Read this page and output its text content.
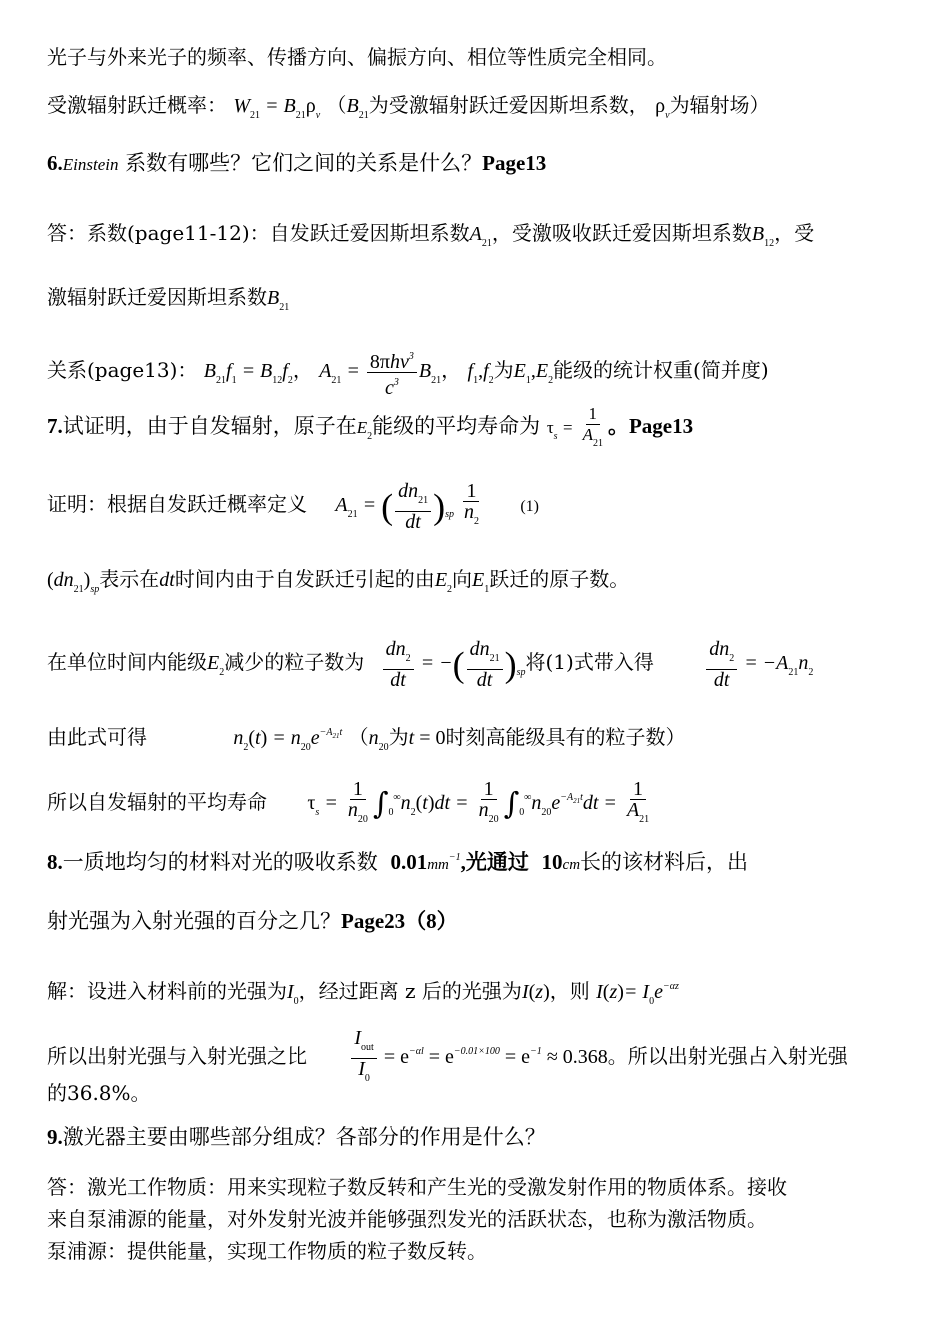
光子与外来光子的频率、传播方向、偏振方向、相位等性质完全相同。
受激辐射跃迁概率： $W_{21} = B_{21}\rho_v$ （$B_{21}$为受激辐射跃迁爱因斯坦系数， $\rho_v$为辐射场）
6.Einstein 系数有哪些？它们之间的关系是什么？Page13
答：系数(page11-12)：自发跃迁爱因斯坦系数$A_{21}$，受激吸收跃迁爱因斯坦系数$B_{12}$，受
激辐射跃迁爱因斯坦系数$B_{21}$
关系(page13)： $B_{21}f_1 = B_{12}f_2$， $A_{21} = \frac{8\pi hv^3}{c^3} B_{21}$， $f_1,f_2$为$E_1,E_2$能级的统计权重(简并度)
7.试证明，由于自发辐射，原子在$E_2$能级的平均寿命为 $\tau_s = \frac{1}{A_{21}}$ 。Page13
证明：根据自发跃迁概率定义 $A_{21}$ = ( $\frac{dn_{21}}{dt} )_{sp} \frac{1}{n_2} (1)$
$(dn_{21})_{sp}$表示在dt时间内由于自发跃迁引起的由$E_2$向$E_1$跃迁的原子数。
在单位时间内能级$E_2$减少的粒子数为 $\frac{dn_2}{dt}$ = −( $\frac{dn_{21}}{dt} )_{sp}$将(1)式带入得	$\frac{dn_2}{dt} = -A_{21}n_2$
由此式可得	$n_2(t) = n_{20}e^{-A_{21}t}$ （$n_{20}$为t = 0时刻高能级具有的粒子数）
所以自发辐射的平均寿命 $\tau_s = \frac{1}{n_{20}} \int_0^\infty n_2(t)dt = \frac{1}{n_{20}} \int_0^\infty n_{20}e^{-A_{21}t}dt = \frac{1}{A_{21}}$
8.一质地均匀的材料对光的吸收系数 $0.01mm^{-1}$,光通过 10cm长的该材料后，出
射光强为入射光强的百分之几？Page23（8）
解：设进入材料前的光强为$I_0$，经过距离 z 后的光强为I(z)，则 $I(z)= I_0e^{-\alpha z}$
所以出射光强与入射光强之比 $\frac{I_{out}}{I_0} = e^{-\alpha l} = e^{-0.01\times 100} = e^{-1} \approx 0.368$。所以出射光强占入射光强
的36.8%。
9.激光器主要由哪些部分组成？各部分的作用是什么？
答：激光工作物质：用来实现粒子数反转和产生光的受激发射作用的物质体系。接收
来自泵浦源的能量，对外发射光波并能够强烈发光的活跃状态，也称为激活物质。
泵浦源：提供能量，实现工作物质的粒子数反转。
